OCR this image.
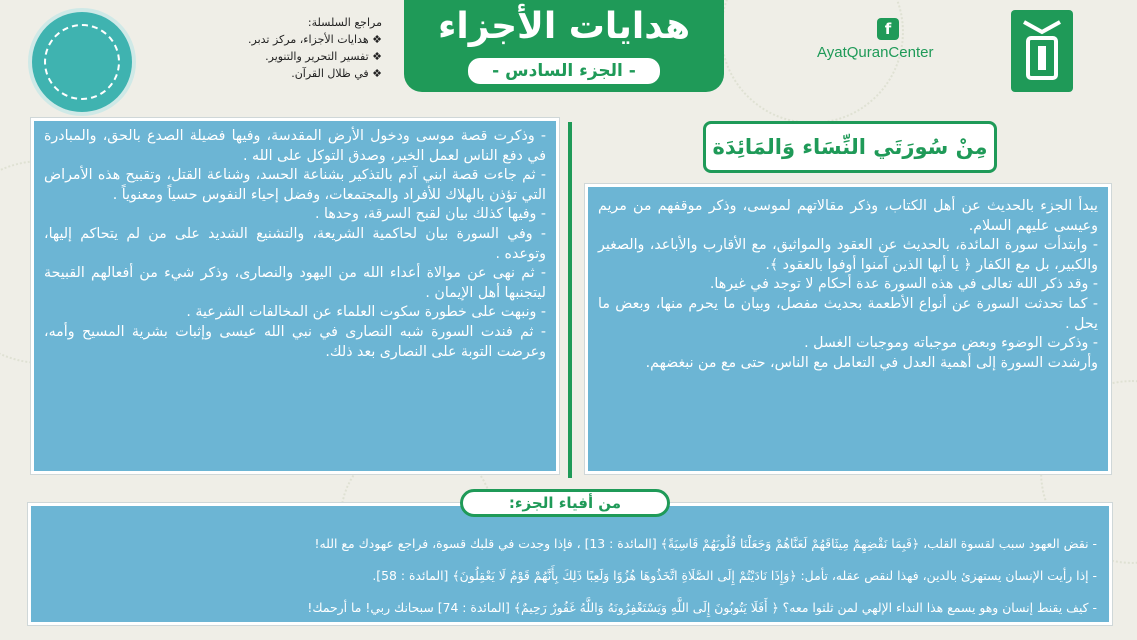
f
AyatQuranCenter
هدايات الأجزاء
- الجزء السادس -
مراجع السلسلة:
❖ هدايات الأجزاء، مركز تدبر.
❖ تفسير التحرير والتنوير.
❖ في ظلال القرآن.
مِنْ سُورَتَي النِّسَاء وَالمَائِدَة

يبدأ الجزء بالحديث عن أهل الكتاب، وذكر مقالاتهم لموسى، وذكر موقفهم من مريم وعيسى عليهم السلام.

- وابتدأت سورة المائدة، بالحديث عن العقود والمواثيق، مع الأقارب والأباعد، والصغير والكبير، بل مع الكفار ﴿ يا أيها الذين آمنوا أوفوا بالعقود ﴾.

- وقد ذكر الله تعالى في هذه السورة عدة أحكام لا توجد في غيرها.

- كما تحدثت السورة عن أنواع الأطعمة بحديث مفصل، وبيان ما يحرم منها، وبعض ما يحل .

- وذكرت الوضوء وبعض موجباته وموجبات الغسل .

وأرشدت السورة إلى أهمية العدل في التعامل مع الناس، حتى مع من نبغضهم.

- وذكرت قصة موسى ودخول الأرض المقدسة، وفيها فضيلة الصدع بالحق، والمبادرة في دفع الناس لعمل الخير، وصدق التوكل على الله .

- ثم جاءت قصة ابني آدم بالتذكير بشناعة الحسد، وشناعة القتل، وتقبيح هذه الأمراض التي تؤذن بالهلاك للأفراد والمجتمعات، وفضل إحياء النفوس حسياً ومعنوياً .

- وفيها كذلك بيان لقبح السرقة، وحدها .

- وفي السورة بيان لحاكمية الشريعة، والتشنيع الشديد على من لم يتحاكم إليها، وتوعده .

- ثم نهى عن موالاة أعداء الله من اليهود والنصارى، وذكر شيء من أفعالهم القبيحة ليتجنبها أهل الإيمان .

- ونبهت على خطورة سكوت العلماء عن المخالفات الشرعية .

- ثم فندت السورة شبه النصارى في نبي الله عيسى وإثبات بشرية المسيح وأمه، وعرضت التوبة على النصارى بعد ذلك.

- نقض العهود سبب لقسوة القلب، ﴿فَبِمَا نَقْضِهِمْ مِيثَاقَهُمْ لَعَنَّاهُمْ وَجَعَلْنَا قُلُوبَهُمْ قَاسِيَةً﴾ [المائدة : 13] ، فإذا وجدت في قلبك قسوة، فراجع عهودك مع الله!

- إذا رأيت الإنسان يستهزئ بالدين، فهذا لنقص عقله، تأمل: ﴿وَإِذَا نَادَيْتُمْ إِلَى الصَّلَاةِ اتَّخَذُوهَا هُزُوًا وَلَعِبًا ذَلِكَ بِأَنَّهُمْ قَوْمٌ لَا يَعْقِلُونَ﴾ [المائدة : 58].

- كيف يقنط إنسان وهو يسمع هذا النداء الإلهي لمن ثلثوا معه؟ ﴿ أَفَلَا يَتُوبُونَ إِلَى اللَّهِ وَيَسْتَغْفِرُونَهُ وَاللَّهُ غَفُورٌ رَحِيمٌ﴾ [المائدة : 74] سبحانك ربي! ما أرحمك!

من أفياء الجزء:
